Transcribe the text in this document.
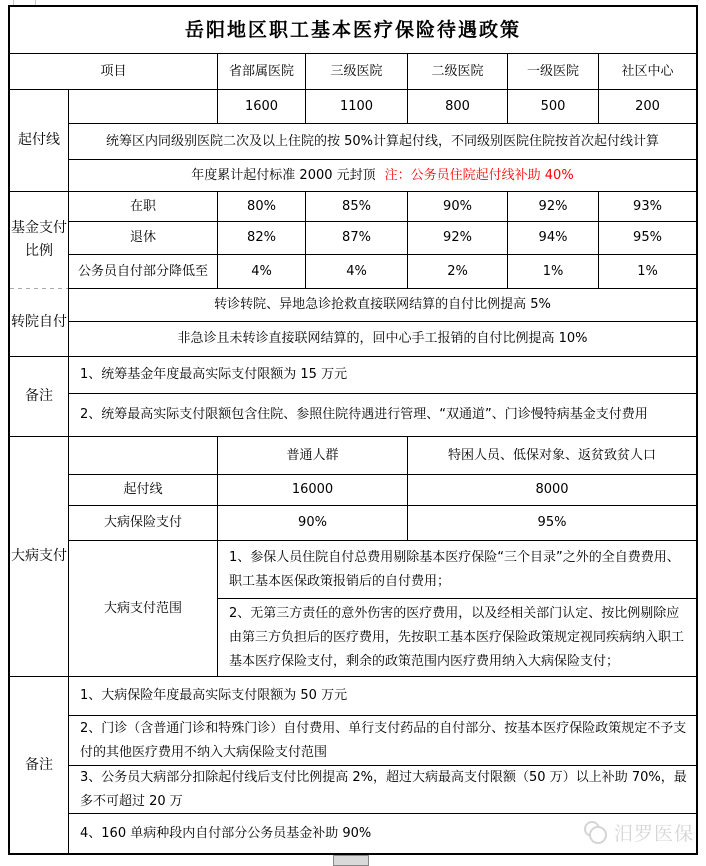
岳阳地区职工基本医疗保险待遇政策
项目	省部属医院	三级医院	二级医院	一级医院	社区中心
起付线
1600	1100	800	500	200
统筹区内同级别医院二次及以上住院的按 50%计算起付线，不同级别医院住院按首次起付线计算
年度累计起付标准 2000 元封顶 注：公务员住院起付线补助 40%
基金支付比例
在职	80%	85%	90%	92%	93%
退休	82%	87%	92%	94%	95%
公务员自付部分降低至	4%	4%	2%	1%	1%
转院自付
转诊转院、异地急诊抢救直接联网结算的自付比例提高 5%
非急诊且未转诊直接联网结算的，回中心手工报销的自付比例提高 10%
备注
1、统筹基金年度最高实际支付限额为 15 万元
2、统筹最高实际支付限额包含住院、参照住院待遇进行管理、“双通道”、门诊慢特病基金支付费用
大病支付
普通人群	特困人员、低保对象、返贫致贫人口
起付线	16000	8000
大病保险支付	90%	95%
大病支付范围
1、参保人员住院自付总费用剔除基本医疗保险“三个目录”之外的全自费费用、职工基本医保政策报销后的自付费用；
2、无第三方责任的意外伤害的医疗费用，以及经相关部门认定、按比例剔除应由第三方负担后的医疗费用，先按职工基本医疗保险政策规定视同疾病纳入职工基本医疗保险支付，剩余的政策范围内医疗费用纳入大病保险支付；
备注
1、大病保险年度最高实际支付限额为 50 万元
2、门诊（含普通门诊和特殊门诊）自付费用、单行支付药品的自付部分、按基本医疗保险政策规定不予支付的其他医疗费用不纳入大病保险支付范围
3、公务员大病部分扣除起付线后支付比例提高 2%，超过大病最高支付限额（50 万）以上补助 70%，最多不可超过 20 万
4、160 单病种段内自付部分公务员基金补助 90%	汨罗医保
